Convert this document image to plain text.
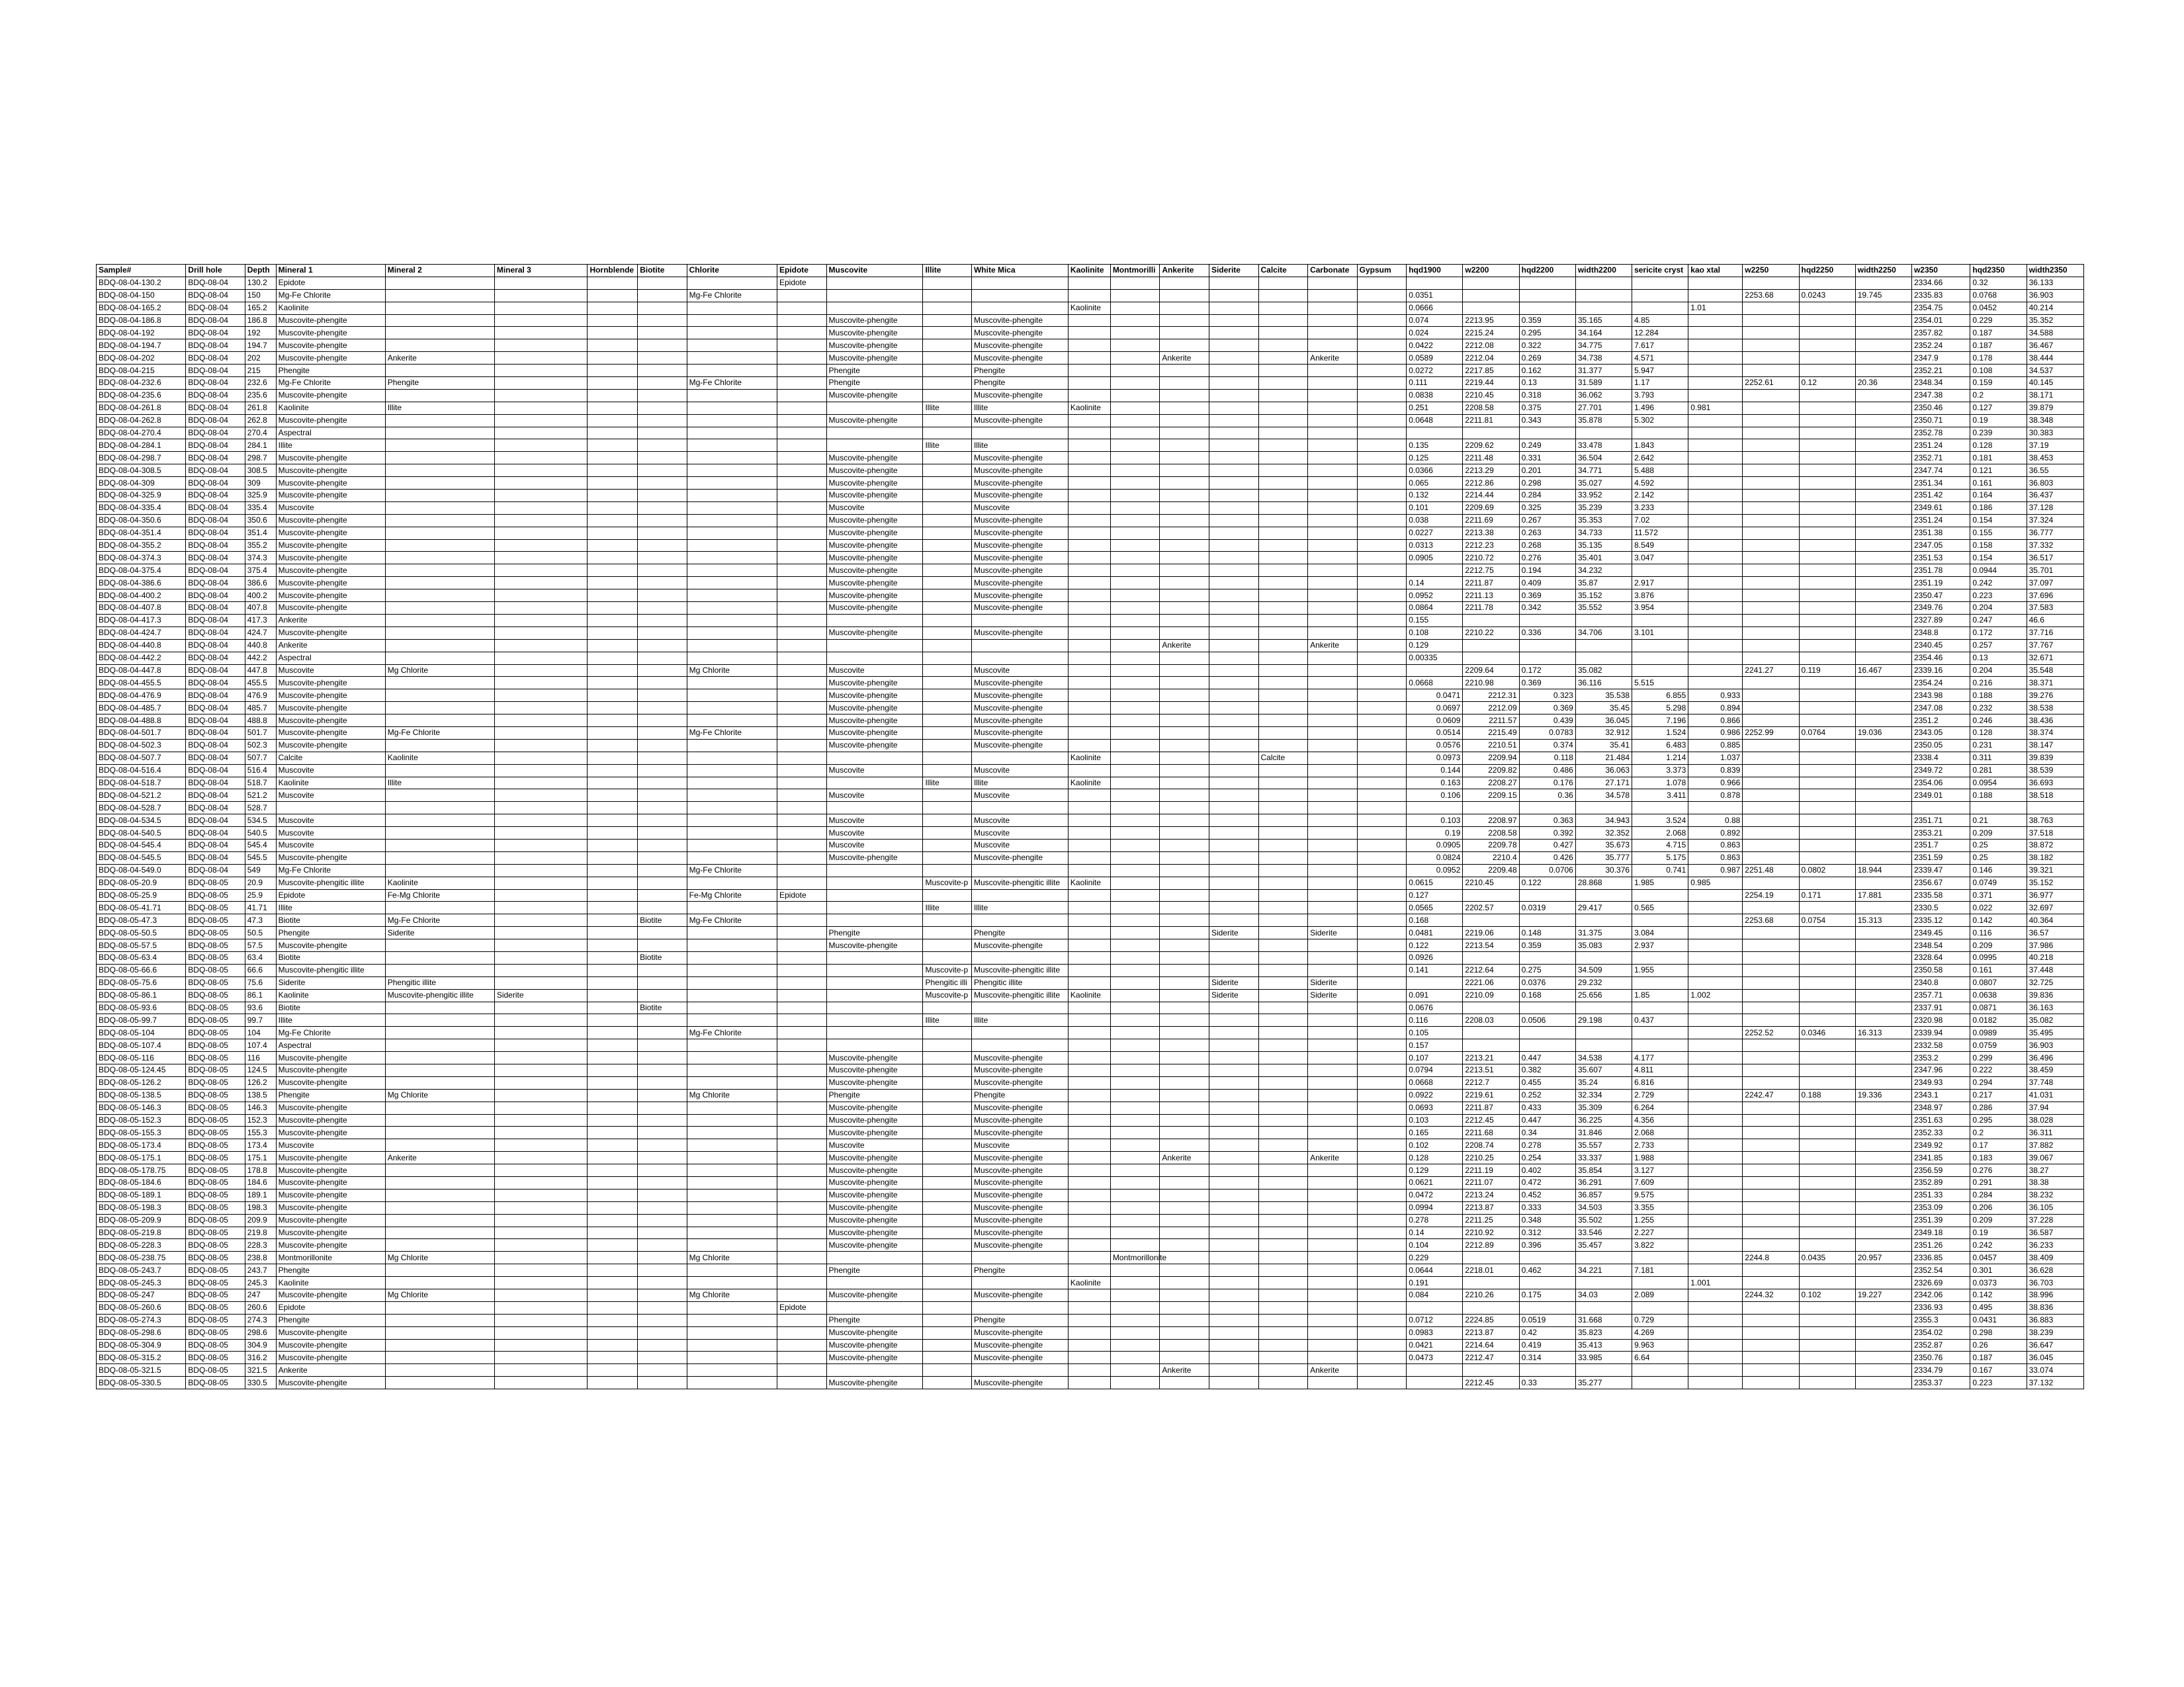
Sample#	Drill hole	Depth	Mineral 1	Mineral 2	Mineral 3	Hornblende	Biotite	Chlorite	Epidote	Muscovite	Illite	White Mica	Kaolinite	Montmorilli	Ankerite	Siderite	Calcite	Carbonate	Gypsum	hqd1900	w2200	hqd2200	width2200	sericite cryst	kao xtal	w2250	hqd2250	width2250	w2350	hqd2350	width2350
BDQ-08-04-130.2	BDQ-08-04	130.2	Epidote						Epidote																				2334.66	0.32	36.133
BDQ-08-04-150	BDQ-08-04	150	Mg-Fe Chlorite					Mg-Fe Chlorite												0.0351						2253.68	0.0243	19.745	2335.83	0.0768	36.903
BDQ-08-04-165.2	BDQ-08-04	165.2	Kaolinite										Kaolinite							0.0666					1.01				2354.75	0.0452	40.214
BDQ-08-04-186.8	BDQ-08-04	186.8	Muscovite-phengite							Muscovite-phengite		Muscovite-phengite								0.074	2213.95	0.359	35.165	4.85					2354.01	0.229	35.352
BDQ-08-04-192	BDQ-08-04	192	Muscovite-phengite							Muscovite-phengite		Muscovite-phengite								0.024	2215.24	0.295	34.164	12.284					2357.82	0.187	34.588
BDQ-08-04-194.7	BDQ-08-04	194.7	Muscovite-phengite							Muscovite-phengite		Muscovite-phengite								0.0422	2212.08	0.322	34.775	7.617					2352.24	0.187	36.467
BDQ-08-04-202	BDQ-08-04	202	Muscovite-phengite	Ankerite						Muscovite-phengite		Muscovite-phengite			Ankerite			Ankerite		0.0589	2212.04	0.269	34.738	4.571					2347.9	0.178	38.444
BDQ-08-04-215	BDQ-08-04	215	Phengite							Phengite		Phengite								0.0272	2217.85	0.162	31.377	5.947					2352.21	0.108	34.537
BDQ-08-04-232.6	BDQ-08-04	232.6	Mg-Fe Chlorite	Phengite				Mg-Fe Chlorite		Phengite		Phengite								0.111	2219.44	0.13	31.589	1.17		2252.61	0.12	20.36	2348.34	0.159	40.145
BDQ-08-04-235.6	BDQ-08-04	235.6	Muscovite-phengite							Muscovite-phengite		Muscovite-phengite								0.0838	2210.45	0.318	36.062	3.793					2347.38	0.2	38.171
BDQ-08-04-261.8	BDQ-08-04	261.8	Kaolinite	Illite							Illite	Illite	Kaolinite							0.251	2208.58	0.375	27.701	1.496	0.981				2350.46	0.127	39.879
BDQ-08-04-262.8	BDQ-08-04	262.8	Muscovite-phengite							Muscovite-phengite		Muscovite-phengite								0.0648	2211.81	0.343	35.878	5.302					2350.71	0.19	38.348
BDQ-08-04-270.4	BDQ-08-04	270.4	Aspectral																										2352.78	0.239	30.383
BDQ-08-04-284.1	BDQ-08-04	284.1	Illite								Illite	Illite								0.135	2209.62	0.249	33.478	1.843					2351.24	0.128	37.19
BDQ-08-04-298.7	BDQ-08-04	298.7	Muscovite-phengite							Muscovite-phengite		Muscovite-phengite								0.125	2211.48	0.331	36.504	2.642					2352.71	0.181	38.453
BDQ-08-04-308.5	BDQ-08-04	308.5	Muscovite-phengite							Muscovite-phengite		Muscovite-phengite								0.0366	2213.29	0.201	34.771	5.488					2347.74	0.121	36.55
BDQ-08-04-309	BDQ-08-04	309	Muscovite-phengite							Muscovite-phengite		Muscovite-phengite								0.065	2212.86	0.298	35.027	4.592					2351.34	0.161	36.803
BDQ-08-04-325.9	BDQ-08-04	325.9	Muscovite-phengite							Muscovite-phengite		Muscovite-phengite								0.132	2214.44	0.284	33.952	2.142					2351.42	0.164	36.437
BDQ-08-04-335.4	BDQ-08-04	335.4	Muscovite							Muscovite		Muscovite								0.101	2209.69	0.325	35.239	3.233					2349.61	0.186	37.128
BDQ-08-04-350.6	BDQ-08-04	350.6	Muscovite-phengite							Muscovite-phengite		Muscovite-phengite								0.038	2211.69	0.267	35.353	7.02					2351.24	0.154	37.324
BDQ-08-04-351.4	BDQ-08-04	351.4	Muscovite-phengite							Muscovite-phengite		Muscovite-phengite								0.0227	2213.38	0.263	34.733	11.572					2351.38	0.155	36.777
BDQ-08-04-355.2	BDQ-08-04	355.2	Muscovite-phengite							Muscovite-phengite		Muscovite-phengite								0.0313	2212.23	0.268	35.135	8.549					2347.05	0.158	37.332
BDQ-08-04-374.3	BDQ-08-04	374.3	Muscovite-phengite							Muscovite-phengite		Muscovite-phengite								0.0905	2210.72	0.276	35.401	3.047					2351.53	0.154	36.517
BDQ-08-04-375.4	BDQ-08-04	375.4	Muscovite-phengite							Muscovite-phengite		Muscovite-phengite									2212.75	0.194	34.232						2351.78	0.0944	35.701
BDQ-08-04-386.6	BDQ-08-04	386.6	Muscovite-phengite							Muscovite-phengite		Muscovite-phengite								0.14	2211.87	0.409	35.87	2.917					2351.19	0.242	37.097
BDQ-08-04-400.2	BDQ-08-04	400.2	Muscovite-phengite							Muscovite-phengite		Muscovite-phengite								0.0952	2211.13	0.369	35.152	3.876					2350.47	0.223	37.696
BDQ-08-04-407.8	BDQ-08-04	407.8	Muscovite-phengite							Muscovite-phengite		Muscovite-phengite								0.0864	2211.78	0.342	35.552	3.954					2349.76	0.204	37.583
BDQ-08-04-417.3	BDQ-08-04	417.3	Ankerite																	0.155									2327.89	0.247	46.6
BDQ-08-04-424.7	BDQ-08-04	424.7	Muscovite-phengite							Muscovite-phengite		Muscovite-phengite								0.108	2210.22	0.336	34.706	3.101					2348.8	0.172	37.716
BDQ-08-04-440.8	BDQ-08-04	440.8	Ankerite												Ankerite			Ankerite		0.129									2340.45	0.257	37.767
BDQ-08-04-442.2	BDQ-08-04	442.2	Aspectral																	0.00335									2354.46	0.13	32.671
BDQ-08-04-447.8	BDQ-08-04	447.8	Muscovite	Mg Chlorite				Mg Chlorite		Muscovite		Muscovite									2209.64	0.172	35.082			2241.27	0.119	16.467	2339.16	0.204	35.548
BDQ-08-04-455.5	BDQ-08-04	455.5	Muscovite-phengite							Muscovite-phengite		Muscovite-phengite								0.0668	2210.98	0.369	36.116	5.515					2354.24	0.216	38.371
BDQ-08-04-476.9	BDQ-08-04	476.9	Muscovite-phengite							Muscovite-phengite		Muscovite-phengite								0.0471	2212.31	0.323	35.538	6.855	0.933				2343.98	0.188	39.276
BDQ-08-04-485.7	BDQ-08-04	485.7	Muscovite-phengite							Muscovite-phengite		Muscovite-phengite								0.0697	2212.09	0.369	35.45	5.298	0.894				2347.08	0.232	38.538
BDQ-08-04-488.8	BDQ-08-04	488.8	Muscovite-phengite							Muscovite-phengite		Muscovite-phengite								0.0609	2211.57	0.439	36.045	7.196	0.866				2351.2	0.246	38.436
BDQ-08-04-501.7	BDQ-08-04	501.7	Muscovite-phengite	Mg-Fe Chlorite				Mg-Fe Chlorite		Muscovite-phengite		Muscovite-phengite								0.0514	2215.49	0.0783	32.912	1.524	0.986	2252.99	0.0764	19.036	2343.05	0.128	38.374
BDQ-08-04-502.3	BDQ-08-04	502.3	Muscovite-phengite							Muscovite-phengite		Muscovite-phengite								0.0576	2210.51	0.374	35.41	6.483	0.885				2350.05	0.231	38.147
BDQ-08-04-507.7	BDQ-08-04	507.7	Calcite	Kaolinite									Kaolinite				Calcite			0.0973	2209.94	0.118	21.484	1.214	1.037				2338.4	0.311	39.839
BDQ-08-04-516.4	BDQ-08-04	516.4	Muscovite							Muscovite		Muscovite								0.144	2209.82	0.486	36.063	3.373	0.839				2349.72	0.281	38.539
BDQ-08-04-518.7	BDQ-08-04	518.7	Kaolinite	Illite							Illite	Illite	Kaolinite							0.163	2208.27	0.176	27.171	1.078	0.966				2354.06	0.0954	36.693
BDQ-08-04-521.2	BDQ-08-04	521.2	Muscovite							Muscovite		Muscovite								0.106	2209.15	0.36	34.578	3.411	0.878				2349.01	0.188	38.518
BDQ-08-04-528.7	BDQ-08-04	528.7																													
BDQ-08-04-534.5	BDQ-08-04	534.5	Muscovite							Muscovite		Muscovite								0.103	2208.97	0.363	34.943	3.524	0.88				2351.71	0.21	38.763
BDQ-08-04-540.5	BDQ-08-04	540.5	Muscovite							Muscovite		Muscovite								0.19	2208.58	0.392	32.352	2.068	0.892				2353.21	0.209	37.518
BDQ-08-04-545.4	BDQ-08-04	545.4	Muscovite							Muscovite		Muscovite								0.0905	2209.78	0.427	35.673	4.715	0.863				2351.7	0.25	38.872
BDQ-08-04-545.5	BDQ-08-04	545.5	Muscovite-phengite							Muscovite-phengite		Muscovite-phengite								0.0824	2210.4	0.426	35.777	5.175	0.863				2351.59	0.25	38.182
BDQ-08-04-549.0	BDQ-08-04	549	Mg-Fe Chlorite					Mg-Fe Chlorite												0.0952	2209.48	0.0706	30.376	0.741	0.987	2251.48	0.0802	18.944	2339.47	0.146	39.321
BDQ-08-05-20.9	BDQ-08-05	20.9	Muscovite-phengitic illite	Kaolinite							Muscovite-p	Muscovite-phengitic illite	Kaolinite							0.0615	2210.45	0.122	28.868	1.985	0.985				2356.67	0.0749	35.152
BDQ-08-05-25.9	BDQ-08-05	25.9	Epidote	Fe-Mg Chlorite				Fe-Mg Chlorite	Epidote											0.127						2254.19	0.171	17.881	2335.58	0.371	36.977
BDQ-08-05-41.71	BDQ-08-05	41.71	Illite								Illite	Illite								0.0565	2202.57	0.0319	29.417	0.565					2330.5	0.022	32.697
BDQ-08-05-47.3	BDQ-08-05	47.3	Biotite	Mg-Fe Chlorite			Biotite	Mg-Fe Chlorite												0.168						2253.68	0.0754	15.313	2335.12	0.142	40.364
BDQ-08-05-50.5	BDQ-08-05	50.5	Phengite	Siderite						Phengite		Phengite				Siderite		Siderite		0.0481	2219.06	0.148	31.375	3.084					2349.45	0.116	36.57
BDQ-08-05-57.5	BDQ-08-05	57.5	Muscovite-phengite							Muscovite-phengite		Muscovite-phengite								0.122	2213.54	0.359	35.083	2.937					2348.54	0.209	37.986
BDQ-08-05-63.4	BDQ-08-05	63.4	Biotite				Biotite													0.0926									2328.64	0.0995	40.218
BDQ-08-05-66.6	BDQ-08-05	66.6	Muscovite-phengitic illite								Muscovite-p	Muscovite-phengitic illite								0.141	2212.64	0.275	34.509	1.955					2350.58	0.161	37.448
BDQ-08-05-75.6	BDQ-08-05	75.6	Siderite	Phengitic illite							Phengitic illi	Phengitic illite				Siderite		Siderite			2221.06	0.0376	29.232						2340.8	0.0807	32.725
BDQ-08-05-86.1	BDQ-08-05	86.1	Kaolinite	Muscovite-phengitic illite	Siderite						Muscovite-p	Muscovite-phengitic illite	Kaolinite			Siderite		Siderite		0.091	2210.09	0.168	25.656	1.85	1.002				2357.71	0.0638	39.836
BDQ-08-05-93.6	BDQ-08-05	93.6	Biotite				Biotite													0.0676									2337.91	0.0871	36.163
BDQ-08-05-99.7	BDQ-08-05	99.7	Illite								Illite	Illite								0.116	2208.03	0.0506	29.198	0.437					2320.98	0.0182	35.082
BDQ-08-05-104	BDQ-08-05	104	Mg-Fe Chlorite					Mg-Fe Chlorite												0.105						2252.52	0.0346	16.313	2339.94	0.0989	35.495
BDQ-08-05-107.4	BDQ-08-05	107.4	Aspectral																	0.157									2332.58	0.0759	36.903
BDQ-08-05-116	BDQ-08-05	116	Muscovite-phengite							Muscovite-phengite		Muscovite-phengite								0.107	2213.21	0.447	34.538	4.177					2353.2	0.299	36.496
BDQ-08-05-124.45	BDQ-08-05	124.5	Muscovite-phengite							Muscovite-phengite		Muscovite-phengite								0.0794	2213.51	0.382	35.607	4.811					2347.96	0.222	38.459
BDQ-08-05-126.2	BDQ-08-05	126.2	Muscovite-phengite							Muscovite-phengite		Muscovite-phengite								0.0668	2212.7	0.455	35.24	6.816					2349.93	0.294	37.748
BDQ-08-05-138.5	BDQ-08-05	138.5	Phengite	Mg Chlorite				Mg Chlorite		Phengite		Phengite								0.0922	2219.61	0.252	32.334	2.729		2242.47	0.188	19.336	2343.1	0.217	41.031
BDQ-08-05-146.3	BDQ-08-05	146.3	Muscovite-phengite							Muscovite-phengite		Muscovite-phengite								0.0693	2211.87	0.433	35.309	6.264					2348.97	0.286	37.94
BDQ-08-05-152.3	BDQ-08-05	152.3	Muscovite-phengite							Muscovite-phengite		Muscovite-phengite								0.103	2212.45	0.447	36.225	4.356					2351.63	0.295	38.028
BDQ-08-05-155.3	BDQ-08-05	155.3	Muscovite-phengite							Muscovite-phengite		Muscovite-phengite								0.165	2211.68	0.34	31.846	2.068					2352.33	0.2	36.311
BDQ-08-05-173.4	BDQ-08-05	173.4	Muscovite							Muscovite		Muscovite								0.102	2208.74	0.278	35.557	2.733					2349.92	0.17	37.882
BDQ-08-05-175.1	BDQ-08-05	175.1	Muscovite-phengite	Ankerite						Muscovite-phengite		Muscovite-phengite			Ankerite			Ankerite		0.128	2210.25	0.254	33.337	1.988					2341.85	0.183	39.067
BDQ-08-05-178.75	BDQ-08-05	178.8	Muscovite-phengite							Muscovite-phengite		Muscovite-phengite								0.129	2211.19	0.402	35.854	3.127					2356.59	0.276	38.27
BDQ-08-05-184.6	BDQ-08-05	184.6	Muscovite-phengite							Muscovite-phengite		Muscovite-phengite								0.0621	2211.07	0.472	36.291	7.609					2352.89	0.291	38.38
BDQ-08-05-189.1	BDQ-08-05	189.1	Muscovite-phengite							Muscovite-phengite		Muscovite-phengite								0.0472	2213.24	0.452	36.857	9.575					2351.33	0.284	38.232
BDQ-08-05-198.3	BDQ-08-05	198.3	Muscovite-phengite							Muscovite-phengite		Muscovite-phengite								0.0994	2213.87	0.333	34.503	3.355					2353.09	0.206	36.105
BDQ-08-05-209.9	BDQ-08-05	209.9	Muscovite-phengite							Muscovite-phengite		Muscovite-phengite								0.278	2211.25	0.348	35.502	1.255					2351.39	0.209	37.228
BDQ-08-05-219.8	BDQ-08-05	219.8	Muscovite-phengite							Muscovite-phengite		Muscovite-phengite								0.14	2210.92	0.312	33.546	2.227					2349.18	0.19	36.587
BDQ-08-05-228.3	BDQ-08-05	228.3	Muscovite-phengite							Muscovite-phengite		Muscovite-phengite								0.104	2212.89	0.396	35.457	3.822					2351.26	0.242	36.233
BDQ-08-05-238.75	BDQ-08-05	238.8	Montmorillonite	Mg Chlorite				Mg Chlorite						Montmorillonite						0.229						2244.8	0.0435	20.957	2336.85	0.0457	38.409
BDQ-08-05-243.7	BDQ-08-05	243.7	Phengite							Phengite		Phengite								0.0644	2218.01	0.462	34.221	7.181					2352.54	0.301	36.628
BDQ-08-05-245.3	BDQ-08-05	245.3	Kaolinite										Kaolinite							0.191					1.001				2326.69	0.0373	36.703
BDQ-08-05-247	BDQ-08-05	247	Muscovite-phengite	Mg Chlorite				Mg Chlorite		Muscovite-phengite		Muscovite-phengite								0.084	2210.26	0.175	34.03	2.089		2244.32	0.102	19.227	2342.06	0.142	38.996
BDQ-08-05-260.6	BDQ-08-05	260.6	Epidote						Epidote																				2336.93	0.495	38.836
BDQ-08-05-274.3	BDQ-08-05	274.3	Phengite							Phengite		Phengite								0.0712	2224.85	0.0519	31.668	0.729					2355.3	0.0431	36.883
BDQ-08-05-298.6	BDQ-08-05	298.6	Muscovite-phengite							Muscovite-phengite		Muscovite-phengite								0.0983	2213.87	0.42	35.823	4.269					2354.02	0.298	38.239
BDQ-08-05-304.9	BDQ-08-05	304.9	Muscovite-phengite							Muscovite-phengite		Muscovite-phengite								0.0421	2214.64	0.419	35.413	9.963					2352.87	0.26	36.647
BDQ-08-05-315.2	BDQ-08-05	316.2	Muscovite-phengite							Muscovite-phengite		Muscovite-phengite								0.0473	2212.47	0.314	33.985	6.64					2350.76	0.187	36.045
BDQ-08-05-321.5	BDQ-08-05	321.5	Ankerite												Ankerite			Ankerite											2334.79	0.167	33.074
BDQ-08-05-330.5	BDQ-08-05	330.5	Muscovite-phengite							Muscovite-phengite		Muscovite-phengite									2212.45	0.33	35.277						2353.37	0.223	37.132
